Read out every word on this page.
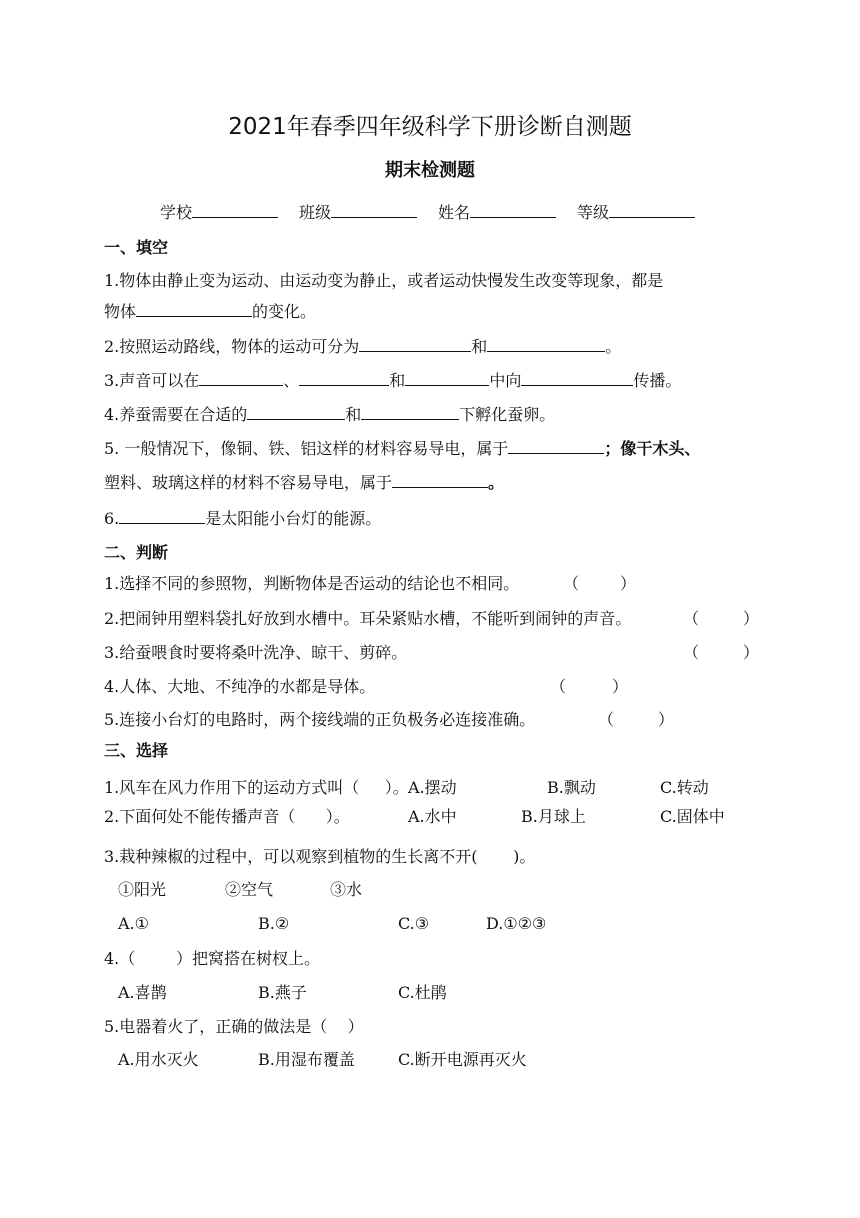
2021年春季四年级科学下册诊断自测题
期末检测题
学校	班级	姓名	等级
一、填空
1.物体由静止变为运动、由运动变为静止，或者运动快慢发生改变等现象，都是
物体	的变化。
2.按照运动路线，物体的运动可分为	和	。
3.声音可以在	、	和	中向	传播。
4.养蚕需要在合适的	和	下孵化蚕卵。
5. 一般情况下，像铜、铁、铝这样的材料容易导电，属于	；像干木头、
塑料、玻璃这样的材料不容易导电，属于	。
6.	是太阳能小台灯的能源。
二、判断
1.选择不同的参照物，判断物体是否运动的结论也不相同。	（	）
2.把闹钟用塑料袋扎好放到水槽中。耳朵紧贴水槽，不能听到闹钟的声音。	（	）
3.给蚕喂食时要将桑叶洗净、晾干、剪碎。	（	）
4.人体、大地、不纯净的水都是导体。	（	）
5.连接小台灯的电路时，两个接线端的正负极务必连接准确。	（	）
三、选择
1.风车在风力作用下的运动方式叫（     ）。 A.摆动	B.飘动	C.转动
2.下面何处不能传播声音（      ）。	A.水中	B.月球上	C.固体中
3.栽种辣椒的过程中，可以观察到植物的生长离不开(       )。
①阳光	②空气	③水
A.①	B.②	C.③	D.①②③
4.（        ）把窝搭在树杈上。
A.喜鹊	B.燕子	C.杜鹃
5.电器着火了，正确的做法是（    ）
A.用水灭火	B.用湿布覆盖	C.断开电源再灭火
